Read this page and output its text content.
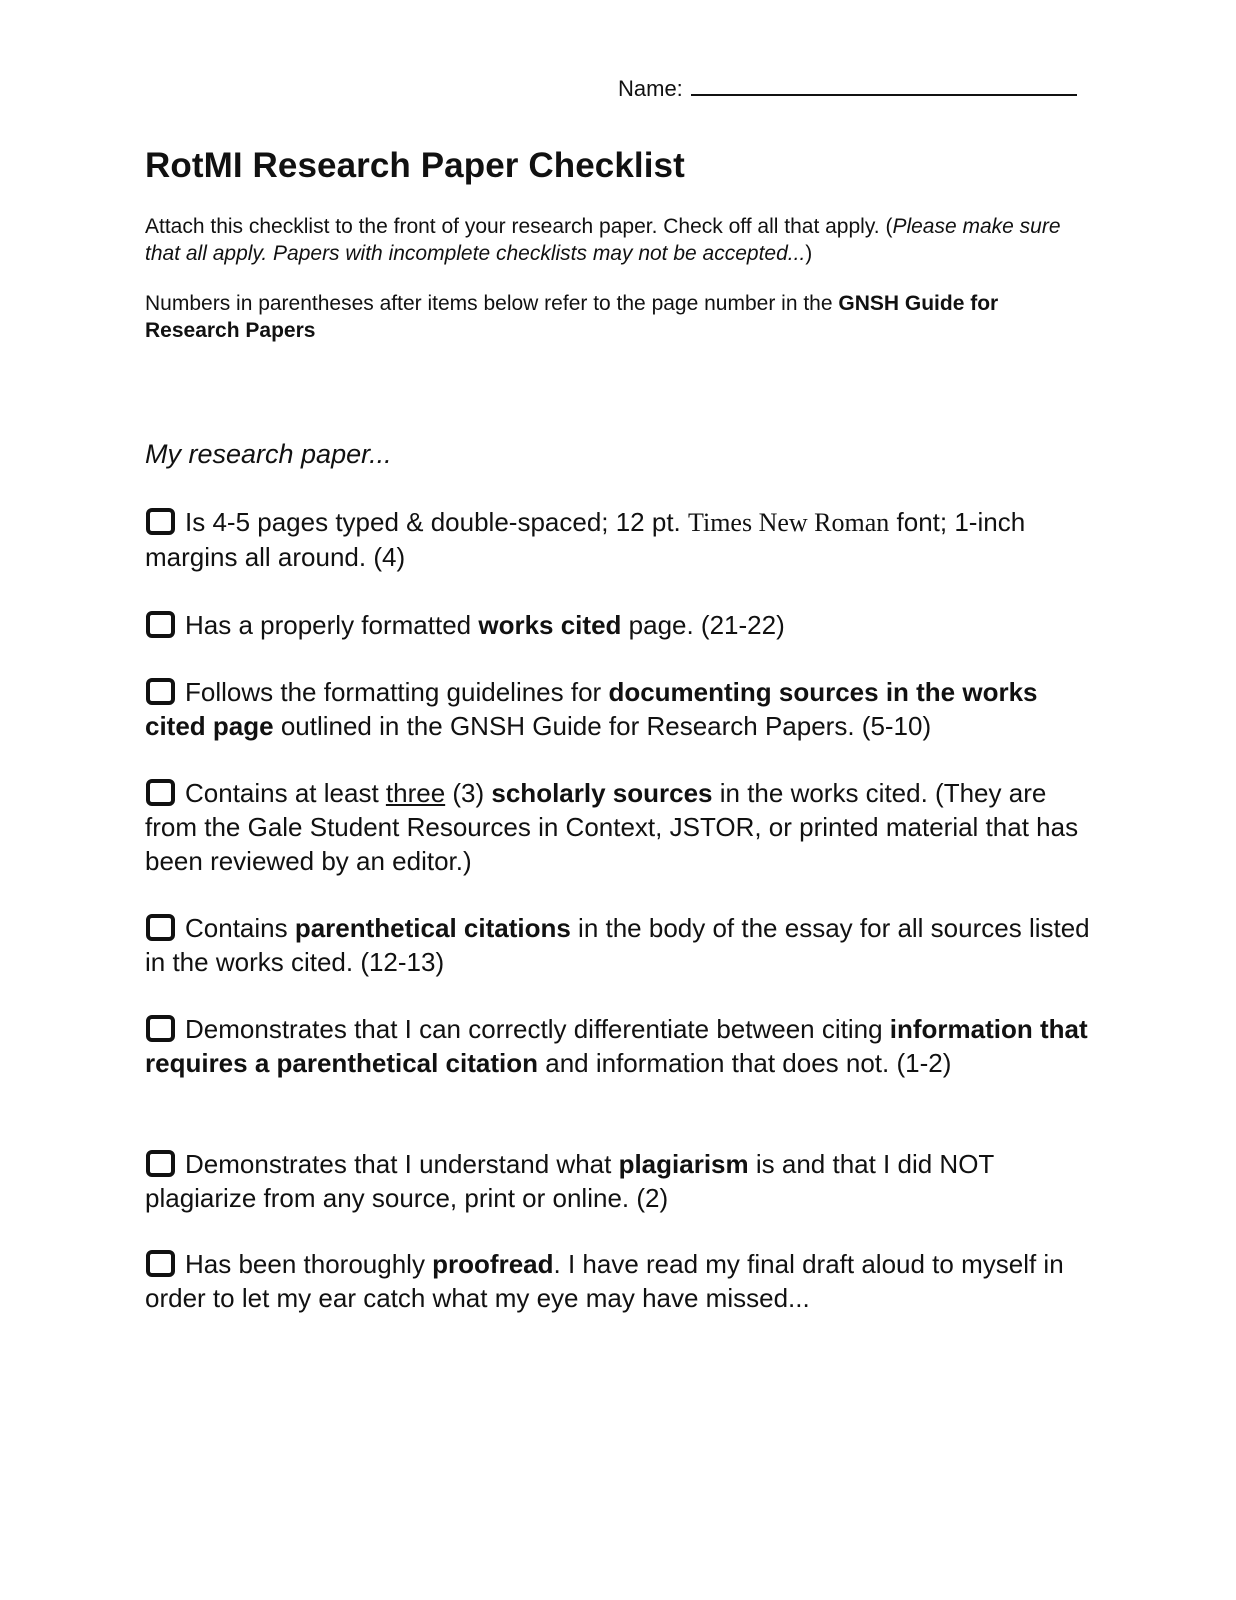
Name:
RotMI Research Paper Checklist

Attach this checklist to the front of your research paper. Check off all that apply. (Please make sure that all apply. Papers with incomplete checklists may not be accepted...)

Numbers in parentheses after items below refer to the page number in the GNSH Guide for Research Papers

My research paper...

Is 4-5 pages typed & double-spaced; 12 pt. Times New Roman font; 1-inch margins all around. (4)
Has a properly formatted works cited page. (21-22)
Follows the formatting guidelines for documenting sources in the works cited page outlined in the GNSH Guide for Research Papers. (5-10)
Contains at least three (3) scholarly sources in the works cited. (They are from the Gale Student Resources in Context, JSTOR, or printed material that has been reviewed by an editor.)
Contains parenthetical citations in the body of the essay for all sources listed in the works cited. (12-13)
Demonstrates that I can correctly differentiate between citing information that requires a parenthetical citation and information that does not. (1-2)
Demonstrates that I understand what plagiarism is and that I did NOT plagiarize from any source, print or online. (2)
Has been thoroughly proofread. I have read my final draft aloud to myself in order to let my ear catch what my eye may have missed...
